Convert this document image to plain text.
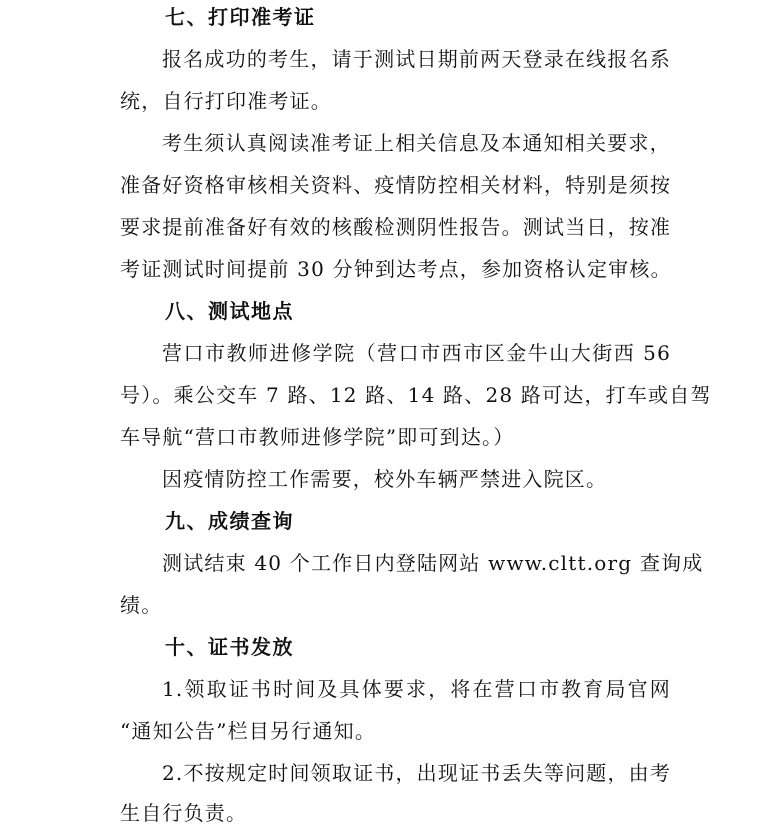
七、打印准考证
报名成功的考生，请于测试日期前两天登录在线报名系
统，自行打印准考证。
考生须认真阅读准考证上相关信息及本通知相关要求，
准备好资格审核相关资料、疫情防控相关材料，特别是须按
要求提前准备好有效的核酸检测阴性报告。测试当日，按准
考证测试时间提前 30 分钟到达考点，参加资格认定审核。
八、测试地点
营口市教师进修学院（营口市西市区金牛山大街西 56
号）。乘公交车 7 路、12 路、14 路、28 路可达，打车或自驾
车导航“营口市教师进修学院”即可到达。）
因疫情防控工作需要，校外车辆严禁进入院区。
九、成绩查询
测试结束 40 个工作日内登陆网站 www.cltt.org 查询成
绩。
十、证书发放
1.领取证书时间及具体要求，将在营口市教育局官网
“通知公告”栏目另行通知。
2.不按规定时间领取证书，出现证书丢失等问题，由考
生自行负责。
